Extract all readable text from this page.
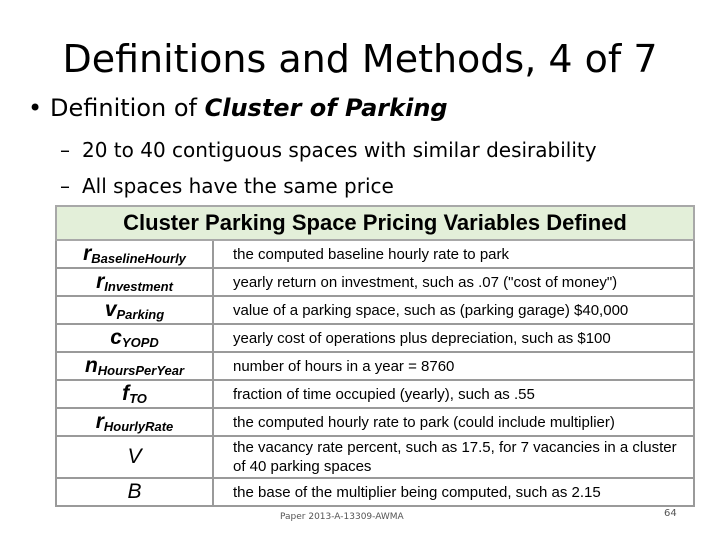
Definitions and Methods, 4 of 7
• Definition of Cluster of Parking
– 20 to 40 contiguous spaces with similar desirability
– All spaces have the same price
Cluster Parking Space Pricing Variables Defined	
$r_{BaselineHourly}$	the computed baseline hourly rate to park
$r_{Investment}$	yearly return on investment, such as .07 ("cost of money")
$v_{Parking}$	value of a parking space, such as (parking garage) $40,000
$c_{YOPD}$	yearly cost of operations plus depreciation, such as $100
$n_{HoursPerYear}$	number of hours in a year = 8760
$f_{TO}$	fraction of time occupied (yearly), such as .55
$r_{HourlyRate}$	the computed hourly rate to park (could include multiplier)
V	the vacancy rate percent, such as 17.5, for 7 vacancies in a cluster of 40 parking spaces
B	the base of the multiplier being computed, such as 2.15
Paper 2013-A-13309-AWMA	64
